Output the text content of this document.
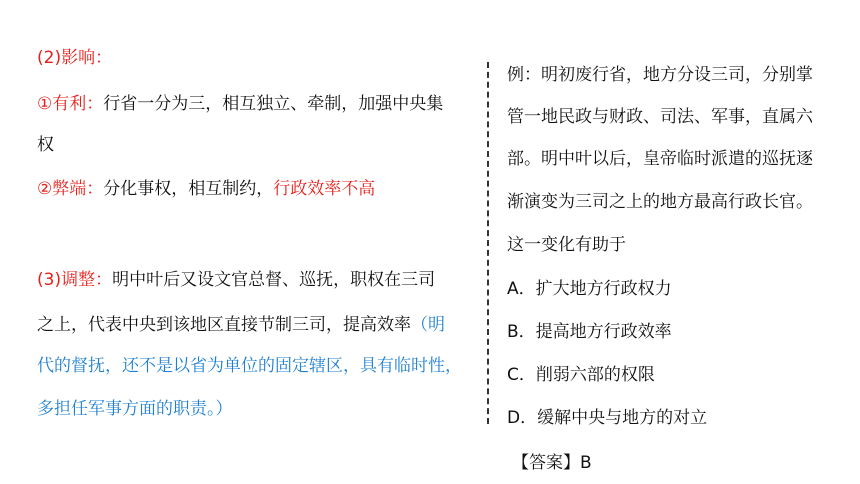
(2)影响：
①有利：行省一分为三，相互独立、牵制，加强中央集
权
②弊端：分化事权，相互制约，行政效率不高
(3)调整：明中叶后又设文官总督、巡抚，职权在三司
之上，代表中央到该地区直接节制三司，提高效率（明
代的督抚，还不是以省为单位的固定辖区，具有临时性，
多担任军事方面的职责。）
例：明初废行省，地方分设三司，分别掌
管一地民政与财政、司法、军事，直属六
部。明中叶以后，皇帝临时派遣的巡抚逐
渐演变为三司之上的地方最高行政长官。
这一变化有助于
A．扩大地方行政权力
B．提高地方行政效率
C．削弱六部的权限
D．缓解中央与地方的对立
【答案】B
